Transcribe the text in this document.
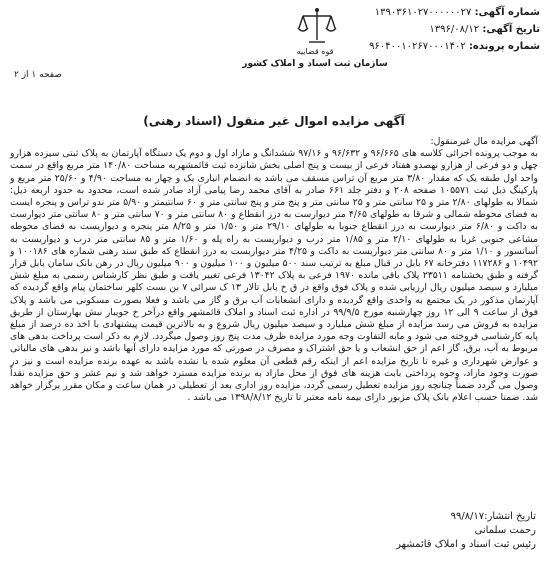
قوه قضاییه
سازمان ثبت اسناد و املاک کشور
شماره آگهی: ۱۳۹۰۳۶۱۰۲۷۰۰۰۰۰۰۲۷
تاریخ آگهی: ۱۳۹۶/۰۸/۱۲
شماره پرونده: ۹۶۰۴۰۰۱۰۲۶۷۰۰۰۱۴۰۲
صفحه ۱ از ۲
آگهی مزایده اموال غیر منقول (اسناد رهنی)

آگهی مزایده مال غیرمنقول:

به موجب پرونده اجرائی کلاسه های ۹۶/۶۶۵ و ۹۶/۶۳۲ و ۹۷/۱۶ ششدانگ و مازاد اول و دوم یک دستگاه آپارتمان به پلاک ثبتی سیزده هزارو چهل و دو فرعی از هزارو نهصدو هفتاد فرعی از بیست و پنج اصلی بخش شانزده ثبت قائمشهربه مساحت ۱۴۰/۸۰ متر مربع واقع در سمت واحد اول طبقه یک که مقدار ۳/۸۰ متر مربع آن تراس مسقف می باشد به انضمام انباری یک و چهار به مساحت ۴/۹۰ و ۲۵/۶۰ متر مربع و پارکینگ ذیل ثبت ۱۰۵۵۷۱ صفحه ۲۰۸ و دفتر جلد ۶۶۱ صادر به آقای محمد رضا پیامی آزاد صادر شده است، محدود به حدود اربعه ذیل: شمالا به طولهای ۲/۸۰ متر و ۲۵ سانتی متر و ۲۵ سانتی متر و پنج متر و پنج سانتی متر و ۶۰ سانتیمتر و ۵/۹۰ متر ندو تراس و پنجره ایست به فضای محوطه شمالی و شرقا به طولهای ۴/۶۵ متر دیوارست به درز انقطاع و ۸۰ سانتی متر و ۷۰ سانتی متر و ۸۰ سانتی متر دیوارست به داکت و ۶/۸۰ متر دیوارست به درز انقطاع جنوبا به طولهای ۲۹/۱۰ متر و ۱/۵۰ متر و ۸/۲۵ متر پنجره و دیواریست به فضای محوطه مشاعی جنوبی غربا به طولهای ۲/۱۰ متر و ۱/۸۵ متر درب و دیواریست به راه پله و ۱/۶۰ متر و ۸۵ سانتی متر درب و دیواریست به آسانسور و ۱/۱۰ متر و ۸۰ سانتی متر دیواریست به داکت و ۴/۲۵ متر دیواریست به درز انقطاع که طبق سند رهنی شماره های ۱۰۰۱۸۶ و ۱۰۴۹۲ و ۱۱۷۲۸۶ دفترخانه ۶۷ بابل در قبال مبلغ به ترتیب سند ۵۰۰ میلیون و ۱۰۰ میلیون و ۹۰۰ میلیون ریال در رهن بانک سامان بابل قرار گرفته و طبق بخشنامه ۲۳۵۱۱ پلاک باقی مانده ۱۹۷۰ فرعی به پلاک ۱۳۰۴۲ فرعی تغییر یافت و طبق نظر کارشناس رسمی به مبلغ شش میلیارد و سیصد میلیون ریال ارزیابی شده و پلاک فوق واقع در ق خ بابل تالار ۱۳ ک سرائی ۷ بن بست کلهر ساختمان پیام واقع گردیده که آپارتمان مذکور در یک مجتمع به واحدی واقع گردیده و دارای انشعابات آب برق و گاز می باشد و فعلا بصورت مسکونی می باشد و پلاک فوق از ساعت ۹ الی ۱۲ روز چهارشنبه مورخ ۹۹/۹/۵ در اداره ثبت اسناد و املاک قائمشهر واقع درآخر خ جویبار نبش بهارستان از طریق مزایده به فروش می رسد مزایده از مبلغ شش میلیارد و سیصد میلیون ریال شروع و به بالاترین قیمت پیشنهادی با اخذ ده درصد از مبلغ پایه کارشناسی فروخته می شود و مابه التفاوت وجه مورد مزایده ظرف مدت پنج روز وصول میگردد. لازم به ذکر است پرداخت بدهی های مربوط به آب، برق، گاز اعم از حق انشعاب و یا حق اشتراک و مصرف در صورتی که مورد مزایده دارای آنها باشد و نیز بدهی های مالیاتی و عوارض شهرداری و غیره تا تاریخ مزایده اعم از اینکه رقم قطعی آن معلوم شده یا نشده باشد به عهده برنده مزایده است و نیز در صورت وجود مازاد، وجوه پرداختی بابت هزینه های فوق از محل مازاد به برنده مزایده مسترد خواهد شد و نیم عشر و حق مزایده نقداً وصول می گردد ضمناً چنانچه روز مزایده تعطیل رسمی گردد، مزایده روز اداری بعد از تعطیلی در همان ساعت و مکان مقرر برگزار خواهد شد. ضمنا حسب اعلام بانک پلاک مزبور دارای بیمه نامه معتبر تا تاریخ ۱۳۹۸/۸/۱۲ می باشد .

تاریخ انتشار:۹۹/۸/۱۷
رحمت سلمانی
رئیس ثبت اسناد و املاک قائمشهر
